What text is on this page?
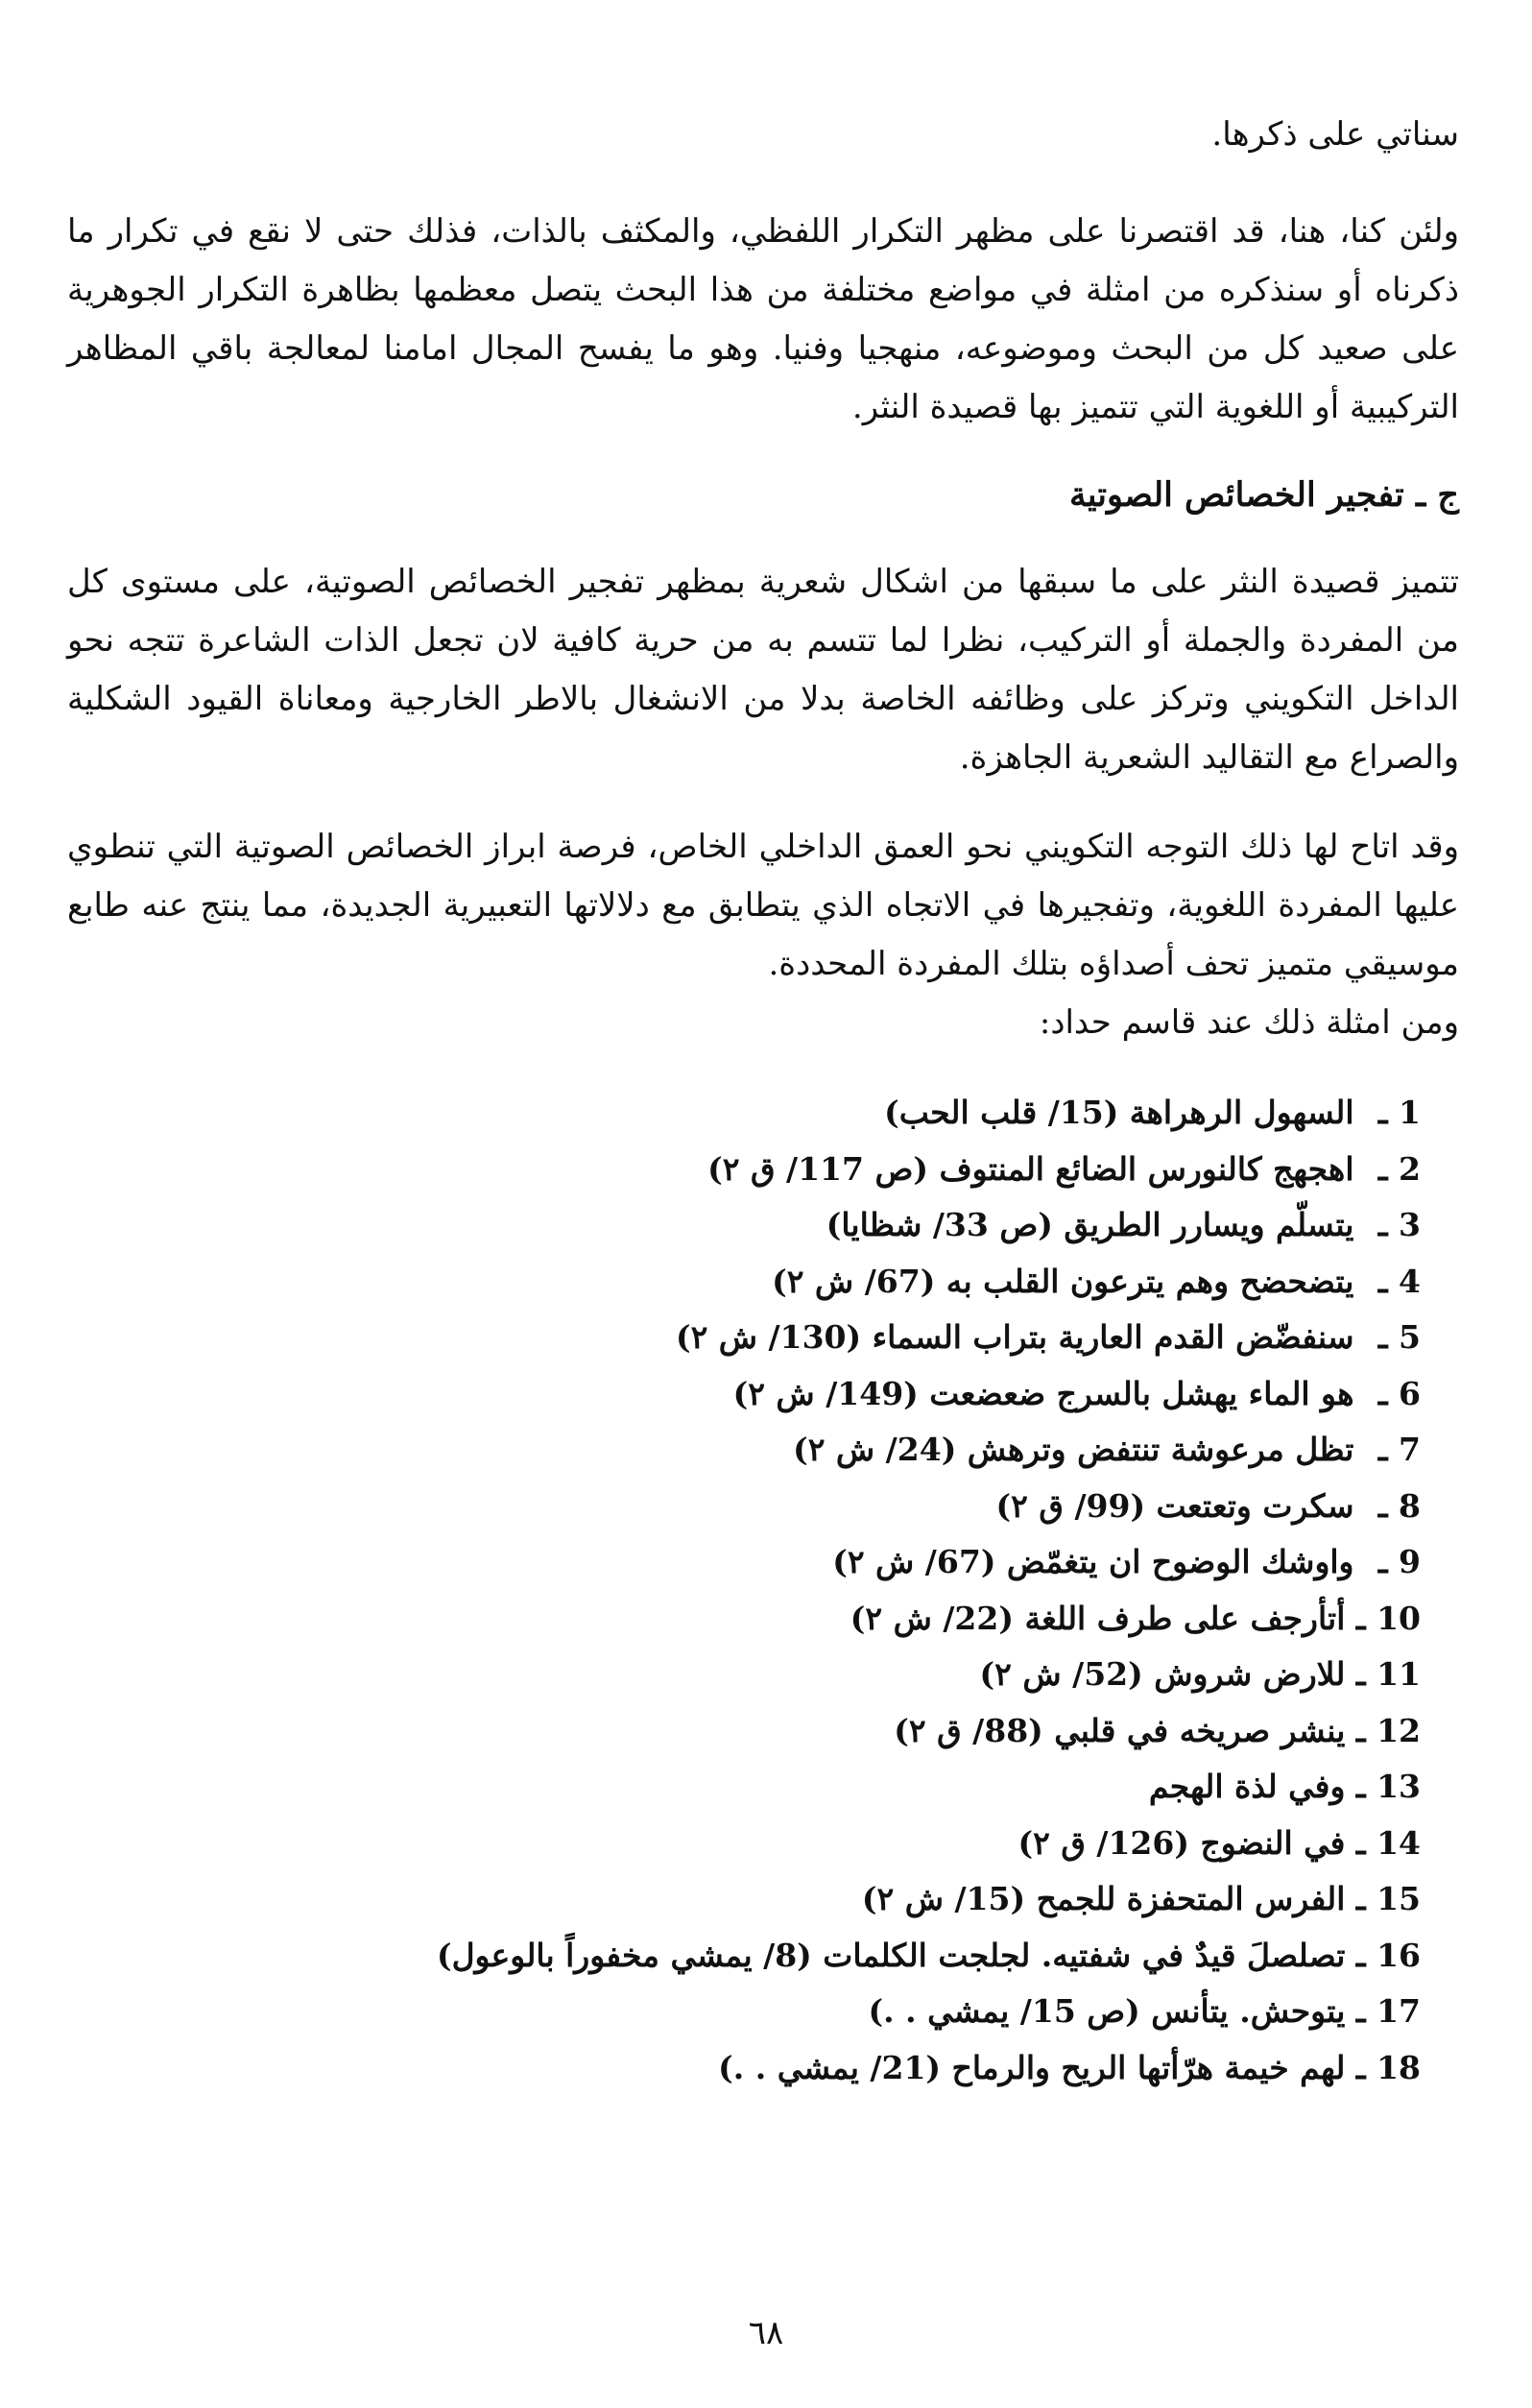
سناتي على ذكرها.

ولئن كنا، هنا، قد اقتصرنا على مظهر التكرار اللفظي، والمكثف بالذات، فذلك حتى لا نقع في تكرار ما ذكرناه أو سنذكره من امثلة في مواضع مختلفة من هذا البحث يتصل معظمها بظاهرة التكرار الجوهرية على صعيد كل من البحث وموضوعه، منهجيا وفنيا. وهو ما يفسح المجال امامنا لمعالجة باقي المظاهر التركيبية أو اللغوية التي تتميز بها قصيدة النثر.

ج ـ تفجير الخصائص الصوتية

تتميز قصيدة النثر على ما سبقها من اشكال شعرية بمظهر تفجير الخصائص الصوتية، على مستوى كل من المفردة والجملة أو التركيب، نظرا لما تتسم به من حرية كافية لان تجعل الذات الشاعرة تتجه نحو الداخل التكويني وتركز على وظائفه الخاصة بدلا من الانشغال بالاطر الخارجية ومعاناة القيود الشكلية والصراع مع التقاليد الشعرية الجاهزة.

وقد اتاح لها ذلك التوجه التكويني نحو العمق الداخلي الخاص، فرصة ابراز الخصائص الصوتية التي تنطوي عليها المفردة اللغوية، وتفجيرها في الاتجاه الذي يتطابق مع دلالاتها التعبيرية الجديدة، مما ينتج عنه طابع موسيقي متميز تحف أصداؤه بتلك المفردة المحددة.

ومن امثلة ذلك عند قاسم حداد:

1 ـ السهول الرهراهة (15/ قلب الحب)
2 ـ اهجهج كالنورس الضائع المنتوف (ص 117/ ق ٢)
3 ـ يتسلّم ويسارر الطريق (ص 33/ شظايا)
4 ـ يتضحضح وهم يترعون القلب به (67/ ش ٢)
5 ـ سنفضّض القدم العارية بتراب السماء (130/ ش ٢)
6 ـ هو الماء يهشل بالسرج ضعضعت (149/ ش ٢)
7 ـ تظل مرعوشة تنتفض وترهش (24/ ش ٢)
8 ـ سكرت وتعتعت (99/ ق ٢)
9 ـ واوشك الوضوح ان يتغمّض (67/ ش ٢)
10 ـ أتأرجف على طرف اللغة (22/ ش ٢)
11 ـ للارض شروش (52/ ش ٢)
12 ـ ينشر صريخه في قلبي (88/ ق ٢)
13 ـ وفي لذة الهجم
14 ـ في النضوج (126/ ق ٢)
15 ـ الفرس المتحفزة للجمح (15/ ش ٢)
16 ـ تصلصلَ قيدٌ في شفتيه. لجلجت الكلمات (8/ يمشي مخفوراً بالوعول)
17 ـ يتوحش. يتأنس (ص 15/ يمشي . .)
18 ـ لهم خيمة هرّأتها الريح والرماح (21/ يمشي . .)
٦٨
